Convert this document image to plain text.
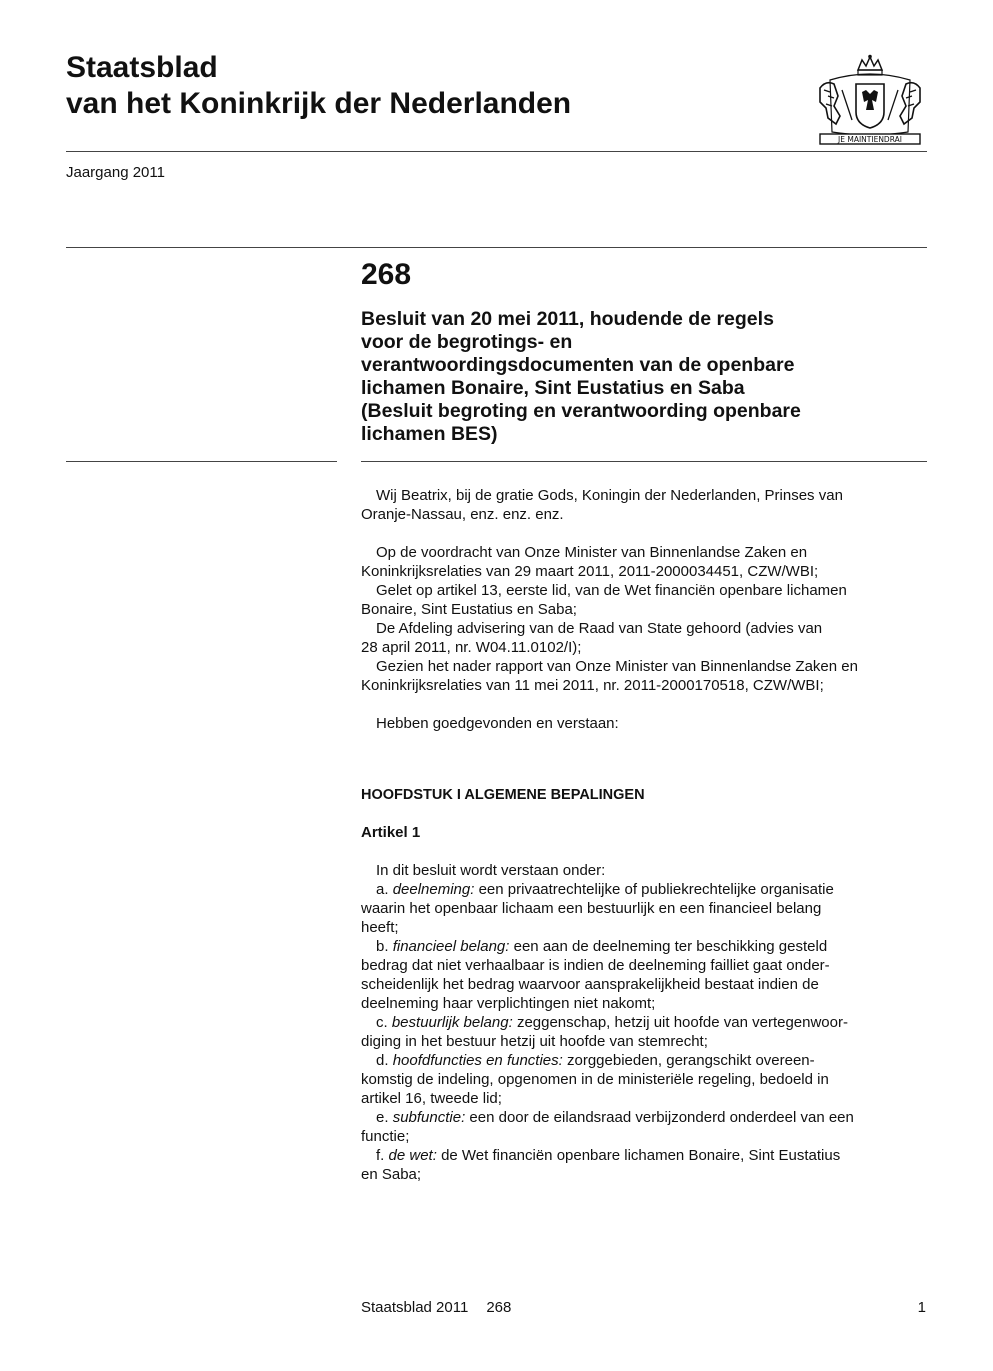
Staatsblad
van het Koninkrijk der Nederlanden
JE MAINTIENDRAI
Jaargang 2011
268
Besluit van 20 mei 2011, houdende de regels
voor de begrotings- en
verantwoordingsdocumenten van de openbare
lichamen Bonaire, Sint Eustatius en Saba
(Besluit begroting en verantwoording openbare
lichamen BES)

Wij Beatrix, bij de gratie Gods, Koningin der Nederlanden, Prinses van

Oranje-Nassau, enz. enz. enz.

Op de voordracht van Onze Minister van Binnenlandse Zaken en

Koninkrijksrelaties van 29 maart 2011, 2011-2000034451, CZW/WBI;

Gelet op artikel 13, eerste lid, van de Wet financiën openbare lichamen

Bonaire, Sint Eustatius en Saba;

De Afdeling advisering van de Raad van State gehoord (advies van

28 april 2011, nr. W04.11.0102/I);

Gezien het nader rapport van Onze Minister van Binnenlandse Zaken en

Koninkrijksrelaties van 11 mei 2011, nr. 2011-2000170518, CZW/WBI;

Hebben goedgevonden en verstaan:

HOOFDSTUK I ALGEMENE BEPALINGEN

Artikel 1

In dit besluit wordt verstaan onder:

a. deelneming: een privaatrechtelijke of publiekrechtelijke organisatie

waarin het openbaar lichaam een bestuurlijk en een financieel belang

heeft;

b. financieel belang: een aan de deelneming ter beschikking gesteld

bedrag dat niet verhaalbaar is indien de deelneming failliet gaat onder-

scheidenlijk het bedrag waarvoor aansprakelijkheid bestaat indien de

deelneming haar verplichtingen niet nakomt;

c. bestuurlijk belang: zeggenschap, hetzij uit hoofde van vertegenwoor-

diging in het bestuur hetzij uit hoofde van stemrecht;

d. hoofdfuncties en functies: zorggebieden, gerangschikt overeen-

komstig de indeling, opgenomen in de ministeriële regeling, bedoeld in

artikel 16, tweede lid;

e. subfunctie: een door de eilandsraad verbijzonderd onderdeel van een

functie;

f. de wet: de Wet financiën openbare lichamen Bonaire, Sint Eustatius

en Saba;

Staatsblad 2011 268	1
